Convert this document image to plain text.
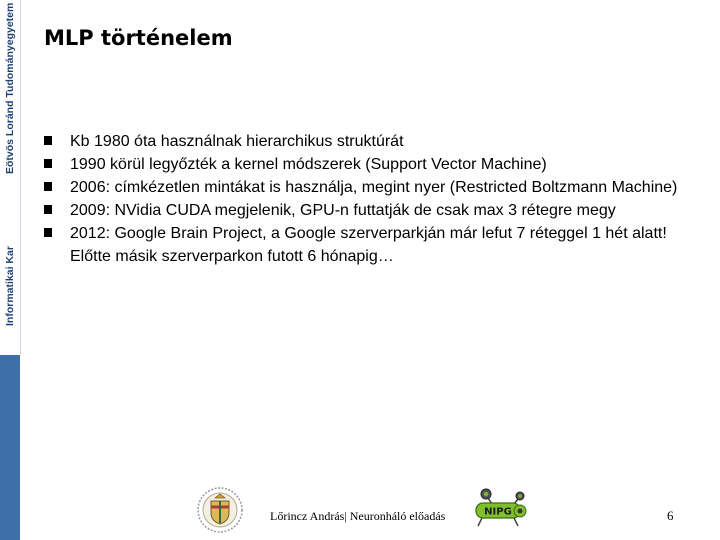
Eötvös Loránd Tudományegyetem
Informatikai Kar
MLP történelem
Kb 1980 óta használnak hierarchikus struktúrát
1990 körül legyőzték a kernel módszerek (Support Vector Machine)
2006: címkézetlen mintákat is használja, megint nyer (Restricted Boltzmann Machine)
2009: NVidia CUDA megjelenik, GPU-n futtatják de csak max 3 rétegre megy
2012: Google Brain Project, a Google szerverparkján már lefut 7 réteggel 1 hét alatt! Előtte másik szerverparkon futott 6 hónapig…
Lőrincz András| Neuronháló előadás	NIPG	6
